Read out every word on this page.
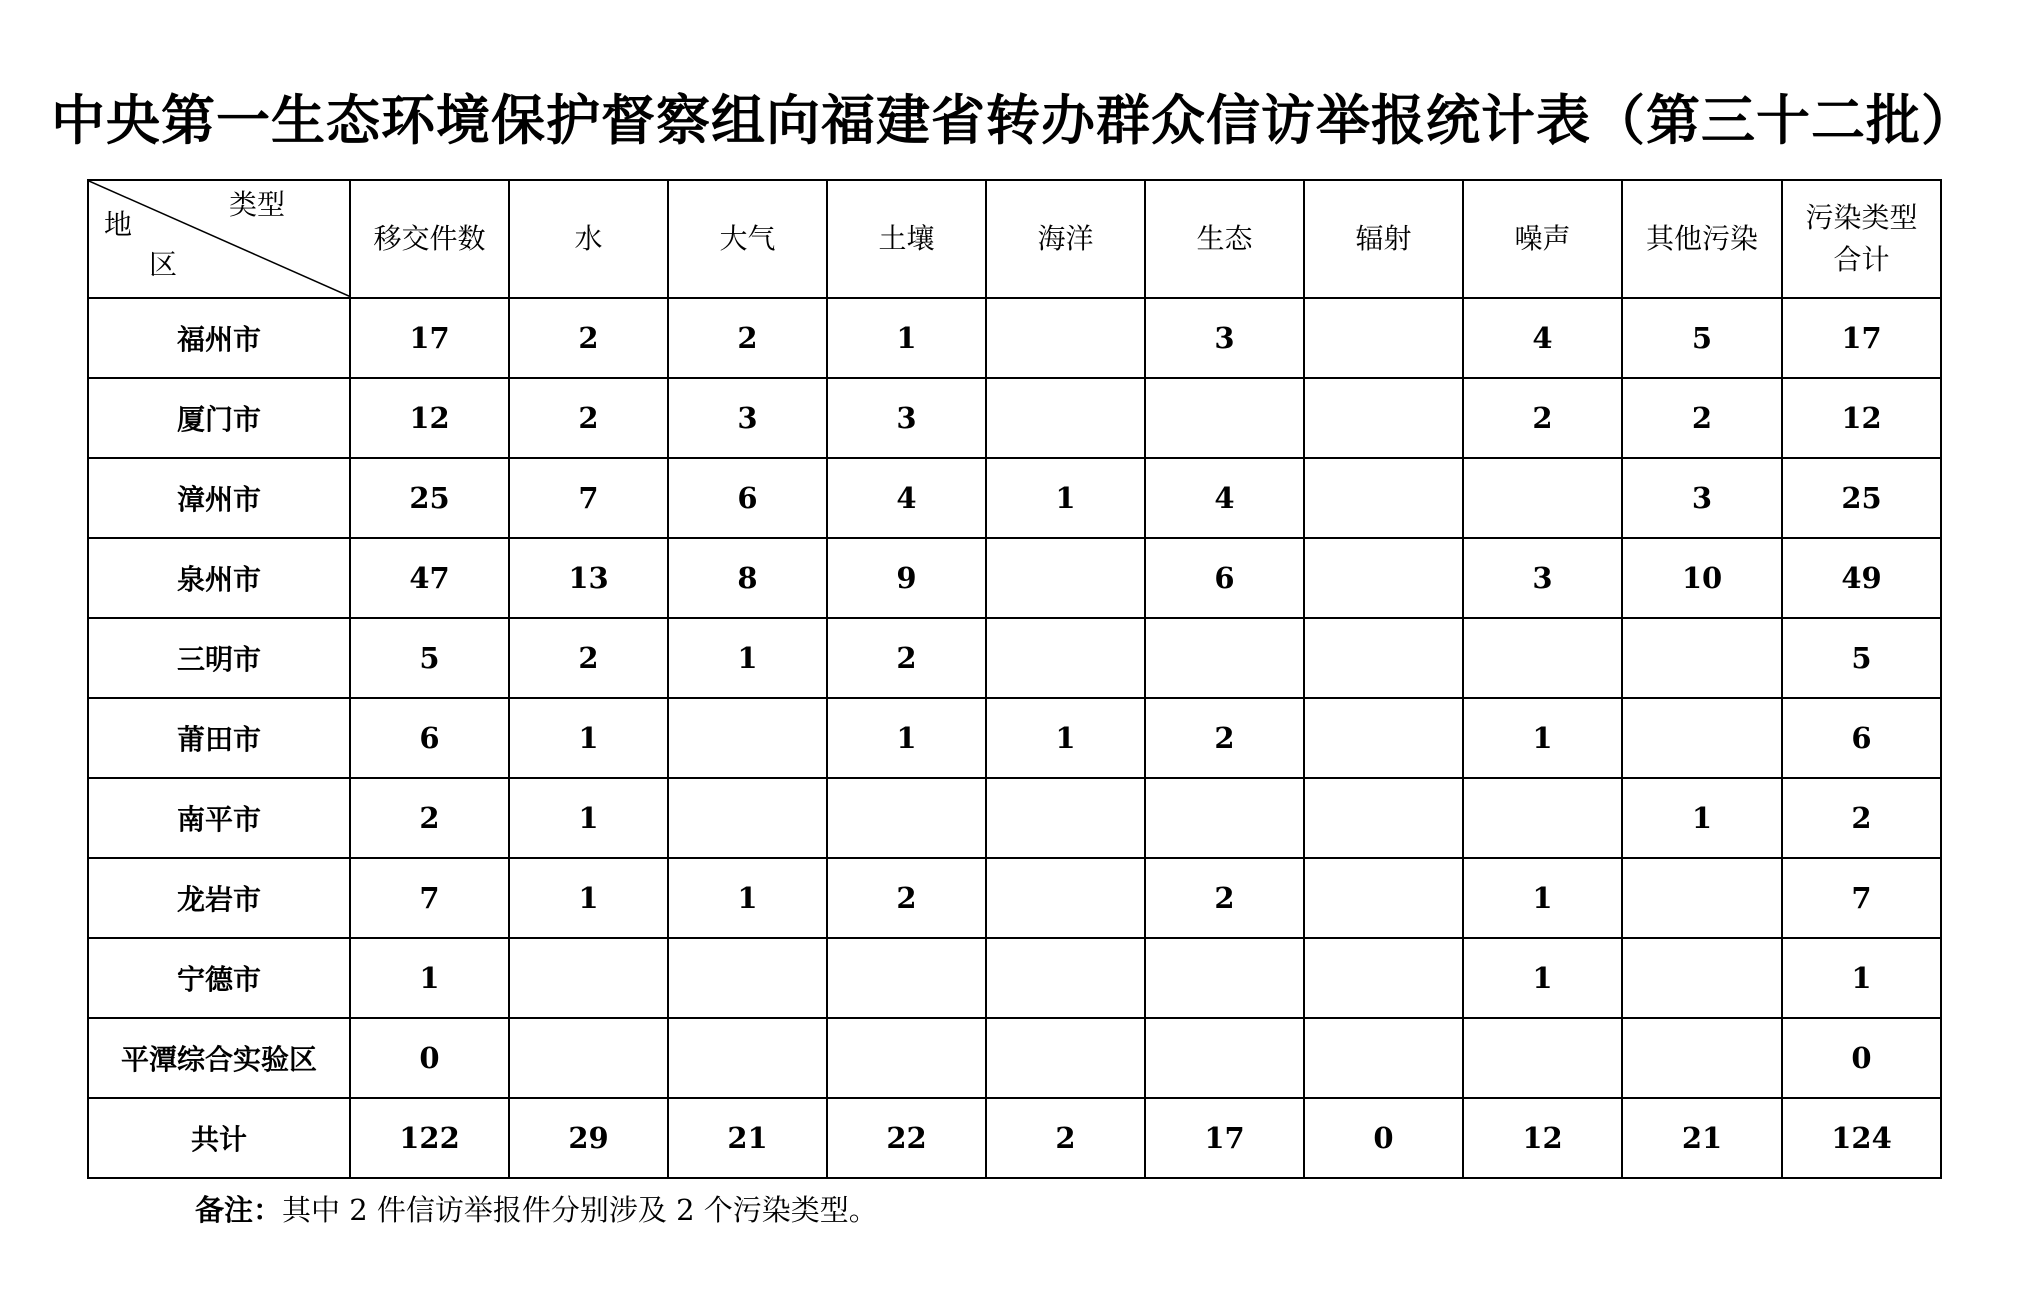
中央第一生态环境保护督察组向福建省转办群众信访举报统计表（第三十二批）
类型
地
区	移交件数	水	大气	土壤	海洋	生态	辐射	噪声	其他污染	污染类型合计
福州市	17	2	2	1		3		4	5	17
厦门市	12	2	3	3				2	2	12
漳州市	25	7	6	4	1	4			3	25
泉州市	47	13	8	9		6		3	10	49
三明市	5	2	1	2						5
莆田市	6	1		1	1	2		1		6
南平市	2	1							1	2
龙岩市	7	1	1	2		2		1		7
宁德市	1							1		1
平潭综合实验区	0									0
共计	122	29	21	22	2	17	0	12	21	124
备注：其中 2 件信访举报件分别涉及 2 个污染类型。
